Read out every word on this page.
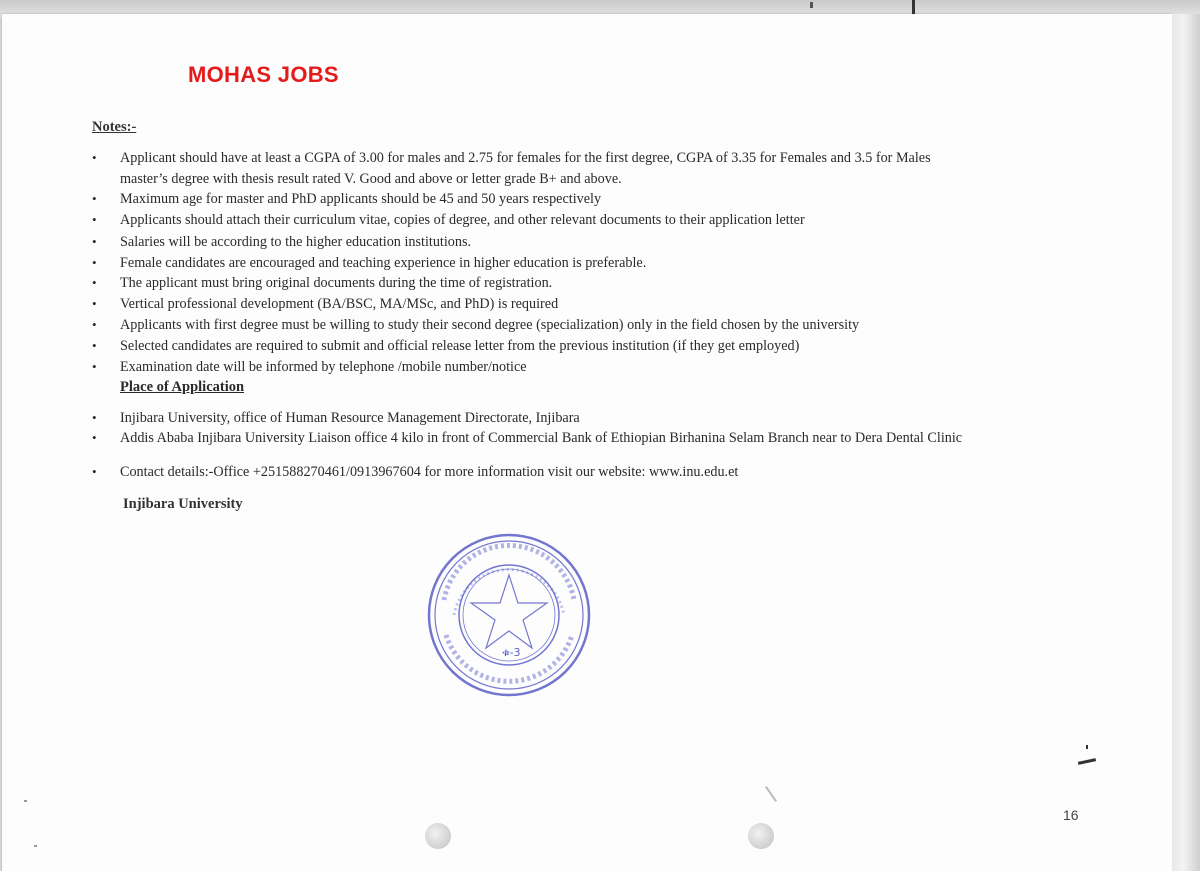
MOHAS JOBS
Notes:-
• Applicant should have at least a CGPA of 3.00 for males and 2.75 for females for the first degree, CGPA of 3.35 for Females and 3.5 for Males
master’s degree with thesis result rated V. Good and above or letter grade B+ and above.
• Maximum age for master and PhD applicants should be 45 and 50 years respectively
• Applicants should attach their curriculum vitae, copies of degree, and other relevant documents to their application letter
• Salaries will be according to the higher education institutions.
• Female candidates are encouraged and teaching experience in higher education is preferable.
• The applicant must bring original documents during the time of registration.
• Vertical professional development (BA/BSC, MA/MSc, and PhD) is required
• Applicants with first degree must be willing to study their second degree (specialization) only in the field chosen by the university
• Selected candidates are required to submit and official release letter from the previous institution (if they get employed)
• Examination date will be informed by telephone /mobile number/notice
Place of Application
• Injibara University, office of Human Resource Management Directorate, Injibara
• Addis Ababa Injibara University Liaison office 4 kilo in front of Commercial Bank of Ethiopian Birhanina Selam Branch near to Dera Dental Clinic
• Contact details:-Office +251588270461/0913967604 for more information visit our website: www.inu.edu.et
Injibara University
ቁ-3
16
